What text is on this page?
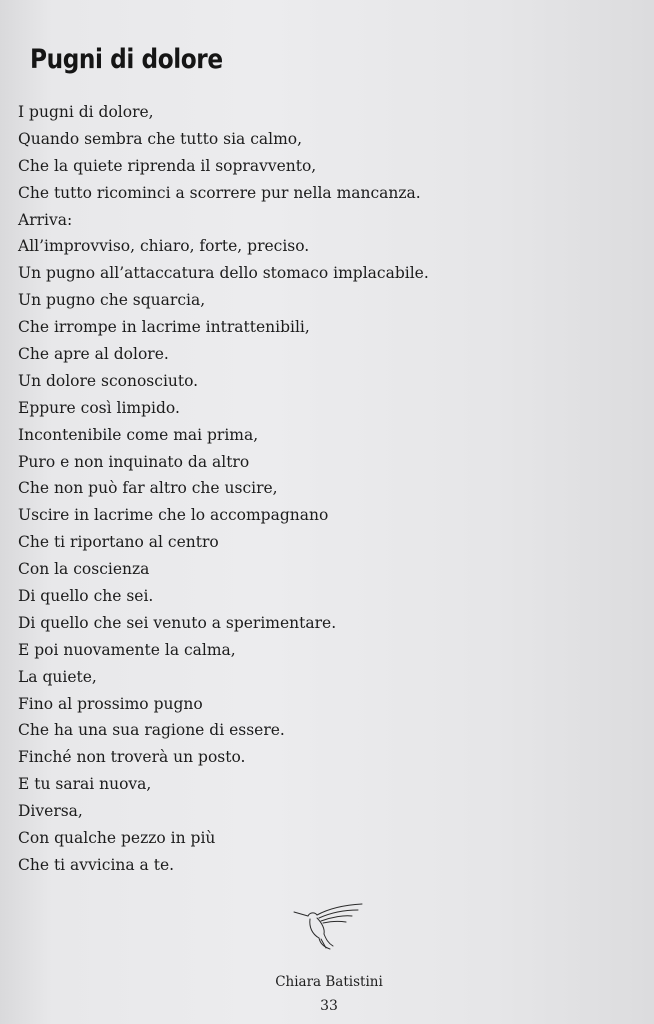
Pugni di dolore
I pugni di dolore,
Quando sembra che tutto sia calmo,
Che la quiete riprenda il sopravvento,
Che tutto ricominci a scorrere pur nella mancanza.
Arriva:
All’improvviso, chiaro, forte, preciso.
Un pugno all’attaccatura dello stomaco implacabile.
Un pugno che squarcia,
Che irrompe in lacrime intrattenibili,
Che apre al dolore.
Un dolore sconosciuto.
Eppure così limpido.
Incontenibile come mai prima,
Puro e non inquinato da altro
Che non può far altro che uscire,
Uscire in lacrime che lo accompagnano
Che ti riportano al centro
Con la coscienza
Di quello che sei.
Di quello che sei venuto a sperimentare.
E poi nuovamente la calma,
La quiete,
Fino al prossimo pugno
Che ha una sua ragione di essere.
Finché non troverà un posto.
E tu sarai nuova,
Diversa,
Con qualche pezzo in più
Che ti avvicina a te.
Chiara Batistini
33
